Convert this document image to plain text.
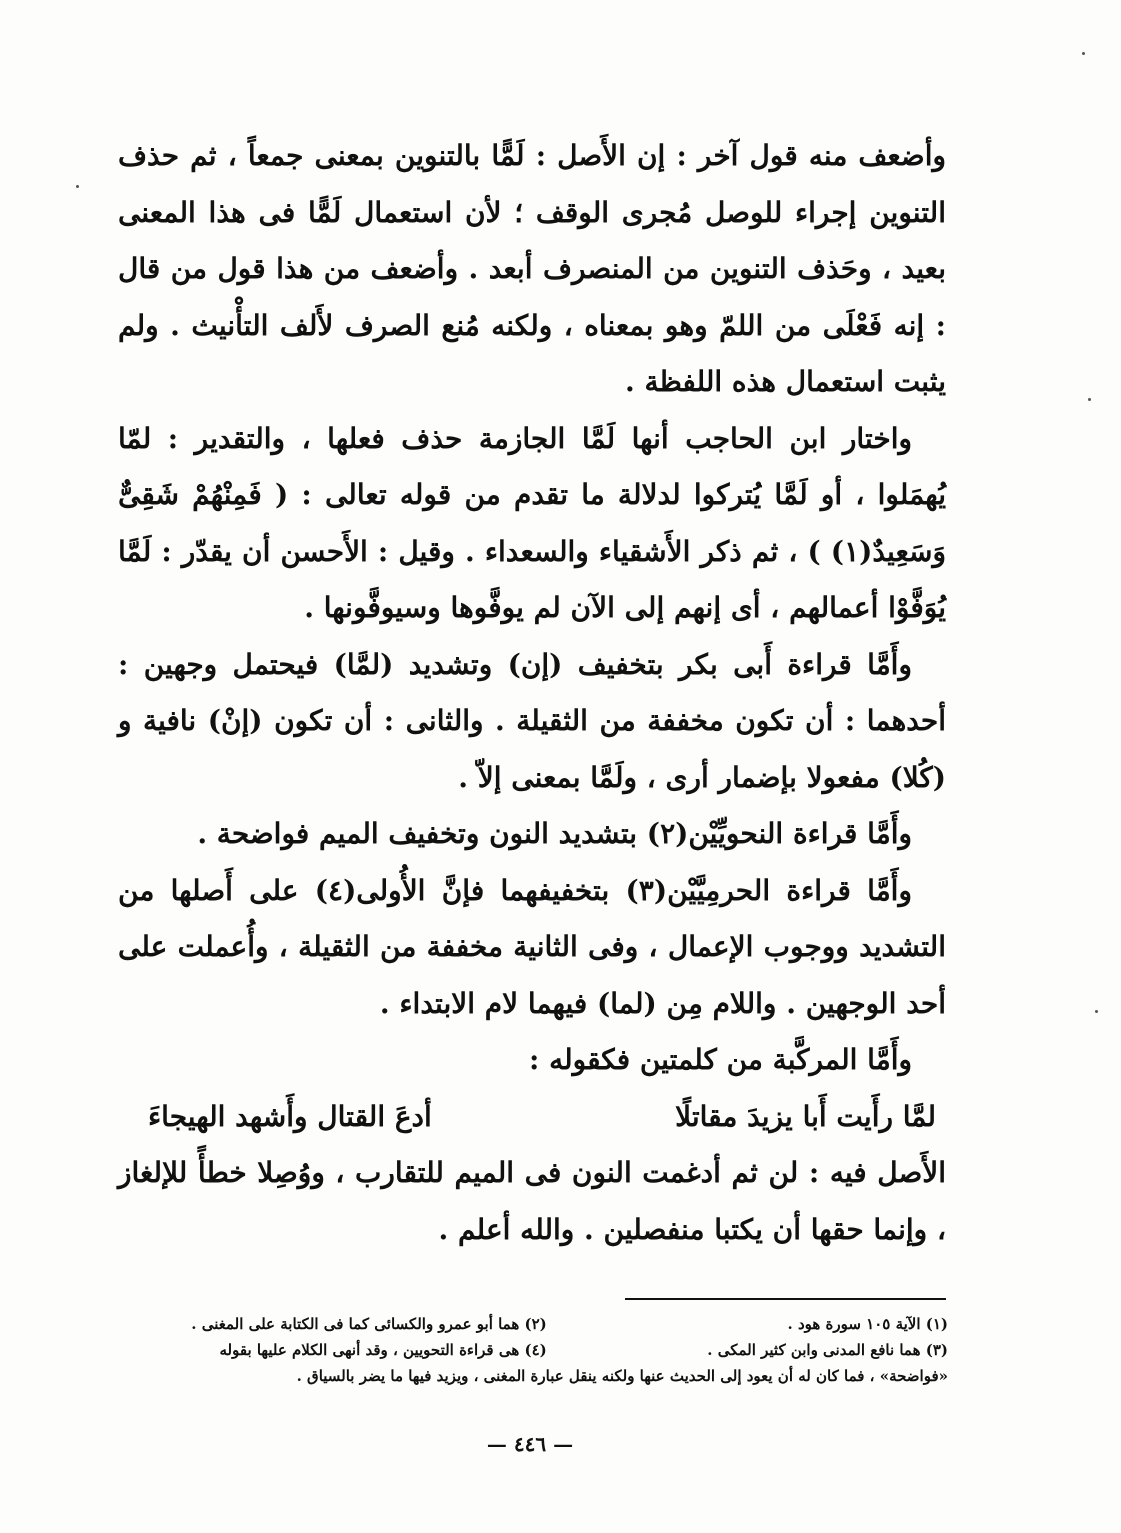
وأضعف منه قول آخر : إن الأَصل : لَمًّا بالتنوين بمعنى جمعاً ، ثم حذف التنوين إجراء للوصل مُجرى الوقف ؛ لأن استعمال لَمًّا فى هذا المعنى بعيد ، وحَذف التنوين من المنصرف أبعد . وأضعف من هذا قول من قال : إنه فَعْلَى من اللمّ وهو بمعناه ، ولكنه مُنع الصرف لأَلف التأْنيث . ولم يثبت استعمال هذه اللفظة .

واختار ابن الحاجب أنها لَمَّا الجازمة حذف فعلها ، والتقدير : لمّا يُهمَلوا ، أو لَمَّا يُتركوا لدلالة ما تقدم من قوله تعالى : ( فَمِنْهُمْ شَقِىٌّ وَسَعِيدٌ(١) ) ، ثم ذكر الأَشقياء والسعداء . وقيل : الأَحسن أن يقدّر : لَمَّا يُوَفَّوْا أعمالهم ، أى إنهم إلى الآن لم يوفَّوها وسيوفَّونها .

وأَمَّا قراءة أَبى بكر بتخفيف (إن) وتشديد (لمَّا) فيحتمل وجهين : أحدهما : أن تكون مخففة من الثقيلة . والثانى : أن تكون (إنْ) نافية و (كُلا) مفعولا بإضمار أرى ، ولَمَّا بمعنى إلاّ .

وأَمَّا قراءة النحويِّيْن(٢) بتشديد النون وتخفيف الميم فواضحة .

وأَمَّا قراءة الحرمِيَّيْن(٣) بتخفيفهما فإنَّ الأُولى(٤) على أَصلها من التشديد ووجوب الإعمال ، وفى الثانية مخففة من الثقيلة ، وأُعملت على أحد الوجهين . واللام مِن (لما) فيهما لام الابتداء .

وأَمَّا المركَّبة من كلمتين فكقوله :

لمَّا رأَيت أَبا يزيدَ مقاتلًا
أدعَ القتال وأَشهد الهيجاءَ

الأَصل فيه : لن ثم أدغمت النون فى الميم للتقارب ، ووُصِلا خطأً للإلغاز ، وإنما حقها أن يكتبا منفصلين . والله أعلم .

(١) الآية ١٠٥ سورة هود .
(٢) هما أبو عمرو والكسائى كما فى الكتابة على المغنى .
(٣) هما نافع المدنى وابن كثير المكى .
(٤) هى قراءة التحويين ، وقد أنهى الكلام عليها بقوله
«فواضحة» ، فما كان له أن يعود إلى الحديث عنها ولكنه ينقل عبارة المغنى ، ويزيد فيها ما يضر بالسياق .
— ٤٤٦ —
